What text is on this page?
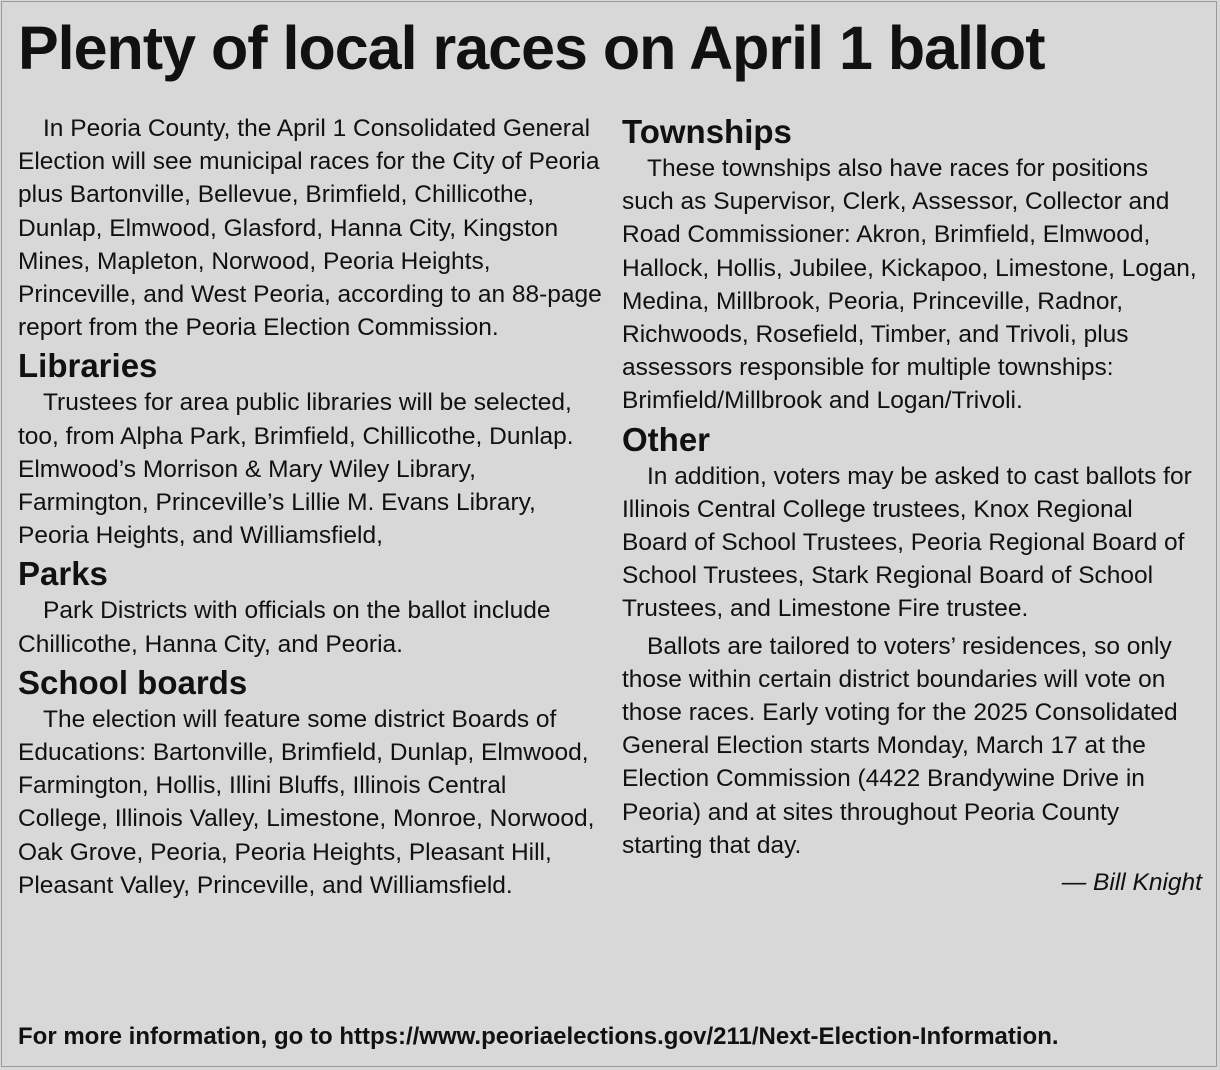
Plenty of local races on April 1 ballot

In Peoria County, the April 1 Consolidated General Election will see municipal races for the City of Peoria plus Bartonville, Bellevue, Brimfield, Chillicothe, Dunlap, Elmwood, Glasford, Hanna City, Kingston Mines, Mapleton, Norwood, Peoria Heights, Princeville, and West Peoria, according to an 88-page report from the Peoria Election Commission.

Libraries

Trustees for area public libraries will be selected, too, from Alpha Park, Brimfield, Chillicothe, Dunlap. Elmwood’s Morrison & Mary Wiley Library, Farmington, Princeville’s Lillie M. Evans Library, Peoria Heights, and Williamsfield,

Parks

Park Districts with officials on the ballot include Chillicothe, Hanna City, and Peoria.

School boards

The election will feature some district Boards of Educations: Bartonville, Brimfield, Dunlap, Elmwood, Farmington, Hollis, Illini Bluffs, Illinois Central College, Illinois Valley, Limestone, Monroe, Norwood, Oak Grove, Peoria, Peoria Heights, Pleasant Hill, Pleasant Valley, Princeville, and Williamsfield.

Townships

These townships also have races for positions such as Supervisor, Clerk, Assessor, Collector and Road Commissioner: Akron, Brimfield, Elmwood, Hallock, Hollis, Jubilee, Kickapoo, Limestone, Logan, Medina, Millbrook, Peoria, Princeville, Radnor, Richwoods, Rosefield, Timber, and Trivoli, plus assessors responsible for multiple townships: Brimfield/Millbrook and Logan/Trivoli.

Other

In addition, voters may be asked to cast ballots for Illinois Central College trustees, Knox Regional Board of School Trustees, Peoria Regional Board of School Trustees, Stark Regional Board of School Trustees, and Limestone Fire trustee.

Ballots are tailored to voters’ residences, so only those within certain district boundaries will vote on those races. Early voting for the 2025 Consolidated General Election starts Monday, March 17 at the Election Commission (4422 Brandywine Drive in Peoria) and at sites throughout Peoria County starting that day.

— Bill Knight

For more information, go to https://www.peoriaelections.gov/211/Next-Election-Information.
